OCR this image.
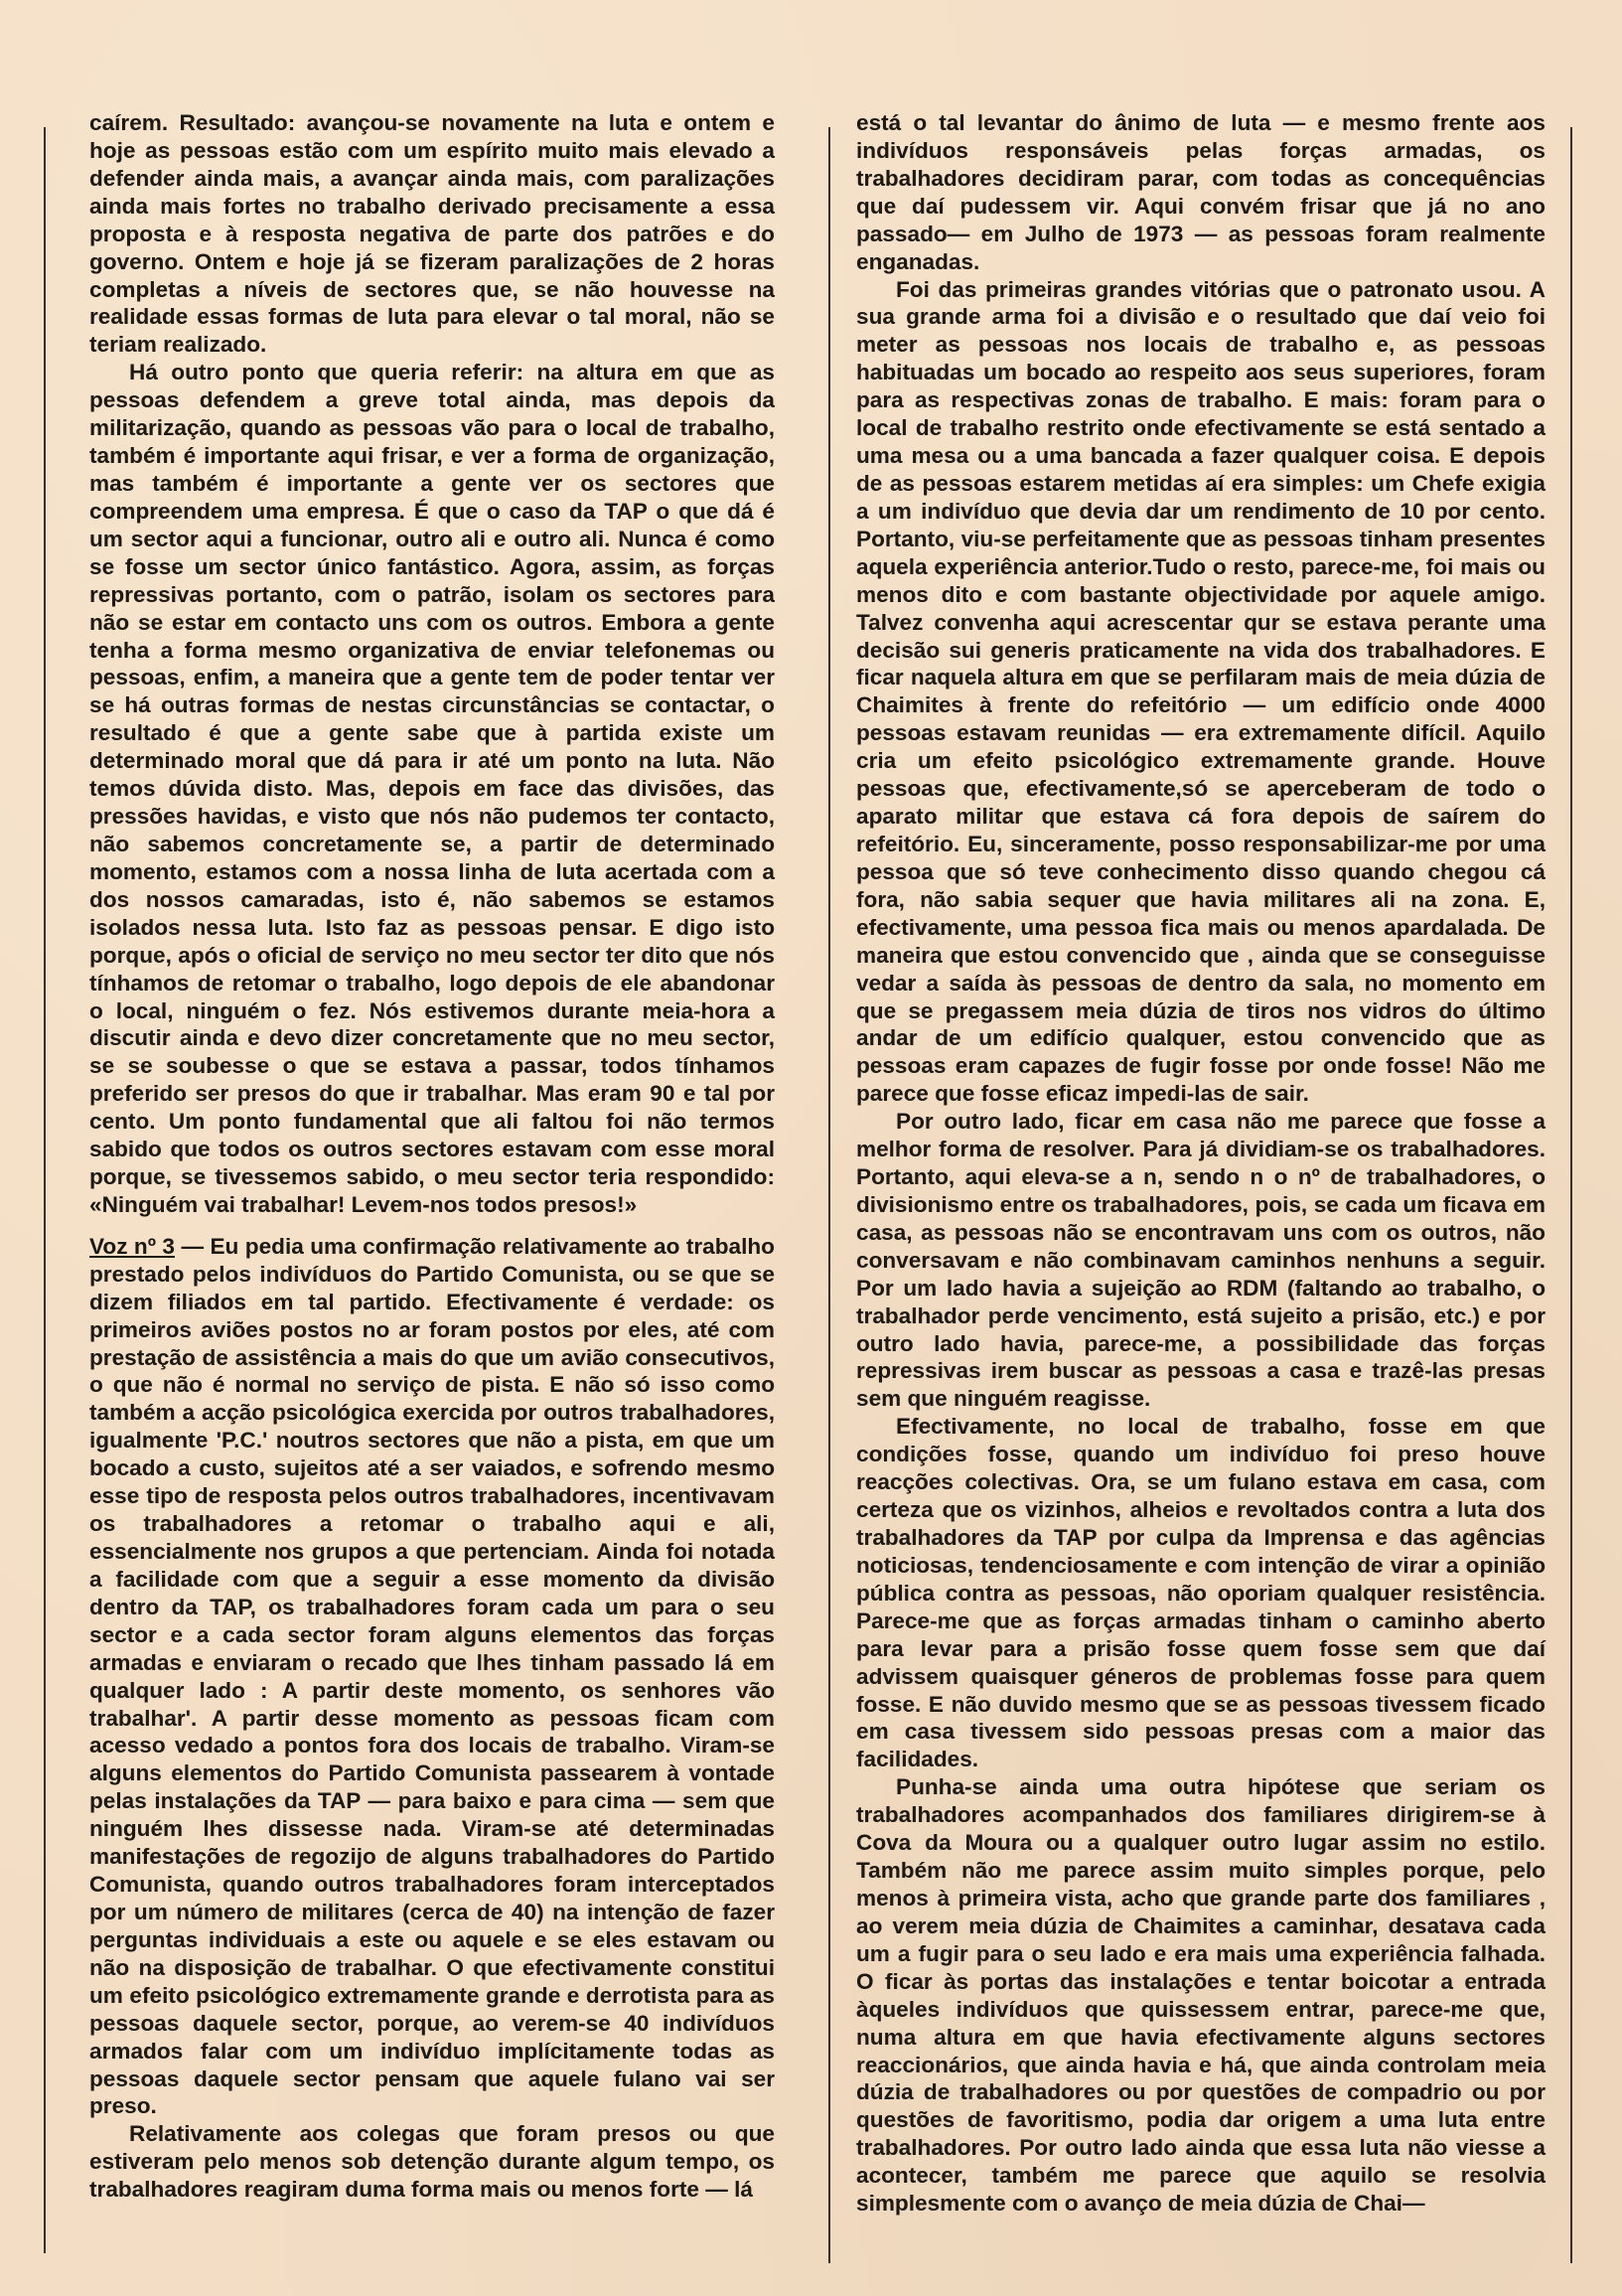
caírem. Resultado: avançou-se novamente na luta e ontem e hoje as pessoas estão com um espírito muito mais elevado a defender ainda mais, a avançar ainda mais, com paralizações ainda mais fortes no trabalho derivado precisamente a essa proposta e à resposta negativa de parte dos patrões e do governo. Ontem e hoje já se fizeram paralizações de 2 horas completas a níveis de sectores que, se não houvesse na realidade essas formas de luta para elevar o tal moral, não se teriam realizado.

Há outro ponto que queria referir: na altura em que as pessoas defendem a greve total ainda, mas depois da militarização, quando as pessoas vão para o local de trabalho, também é importante aqui frisar, e ver a forma de organização, mas também é importante a gente ver os sectores que compreendem uma empresa. É que o caso da TAP o que dá é um sector aqui a funcionar, outro ali e outro ali. Nunca é como se fosse um sector único fantástico. Agora, assim, as forças repressivas portanto, com o patrão, isolam os sectores para não se estar em contacto uns com os outros. Embora a gente tenha a forma mesmo organizativa de enviar telefonemas ou pessoas, enfim, a maneira que a gente tem de poder tentar ver se há outras formas de nestas circunstâncias se contactar, o resultado é que a gente sabe que à partida existe um determinado moral que dá para ir até um ponto na luta. Não temos dúvida disto. Mas, depois em face das divisões, das pressões havidas, e visto que nós não pudemos ter contacto, não sabemos concretamente se, a partir de determinado momento, estamos com a nossa linha de luta acertada com a dos nossos camaradas, isto é, não sabemos se estamos isolados nessa luta. Isto faz as pessoas pensar. E digo isto porque, após o oficial de serviço no meu sector ter dito que nós tínhamos de retomar o trabalho, logo depois de ele abandonar o local, ninguém o fez. Nós estivemos durante meia-hora a discutir ainda e devo dizer concretamente que no meu sector, se se soubesse o que se estava a passar, todos tínhamos preferido ser presos do que ir trabalhar. Mas eram 90 e tal por cento. Um ponto fundamental que ali faltou foi não termos sabido que todos os outros sectores estavam com esse moral porque, se tivessemos sabido, o meu sector teria respondido: «Ninguém vai trabalhar! Levem-nos todos presos!»

Voz nº 3 — Eu pedia uma confirmação relativamente ao trabalho prestado pelos indivíduos do Partido Comunista, ou se que se dizem filiados em tal partido. Efectivamente é verdade: os primeiros aviões postos no ar foram postos por eles, até com prestação de assistência a mais do que um avião consecutivos, o que não é normal no serviço de pista. E não só isso como também a acção psicológica exercida por outros trabalhadores, igualmente 'P.C.' noutros sectores que não a pista, em que um bocado a custo, sujeitos até a ser vaiados, e sofrendo mesmo esse tipo de resposta pelos outros trabalhadores, incentivavam os trabalhadores a retomar o trabalho aqui e ali, essencialmente nos grupos a que pertenciam. Ainda foi notada a facilidade com que a seguir a esse momento da divisão dentro da TAP, os trabalhadores foram cada um para o seu sector e a cada sector foram alguns elementos das forças armadas e enviaram o recado que lhes tinham passado lá em qualquer lado : A partir deste momento, os senhores vão trabalhar'. A partir desse momento as pessoas ficam com acesso vedado a pontos fora dos locais de trabalho. Viram-se alguns elementos do Partido Comunista passearem à vontade pelas instalações da TAP — para baixo e para cima — sem que ninguém lhes dissesse nada. Viram-se até determinadas manifestações de regozijo de alguns trabalhadores do Partido Comunista, quando outros trabalhadores foram interceptados por um número de militares (cerca de 40) na intenção de fazer perguntas individuais a este ou aquele e se eles estavam ou não na disposição de trabalhar. O que efectivamente constitui um efeito psicológico extremamente grande e derrotista para as pessoas daquele sector, porque, ao verem-se 40 indivíduos armados falar com um indivíduo implícitamente todas as pessoas daquele sector pensam que aquele fulano vai ser preso.

Relativamente aos colegas que foram presos ou que estiveram pelo menos sob detenção durante algum tempo, os trabalhadores reagiram duma forma mais ou menos forte — lá

está o tal levantar do ânimo de luta — e mesmo frente aos indivíduos responsáveis pelas forças armadas, os trabalhadores decidiram parar, com todas as concequências que daí pudessem vir. Aqui convém frisar que já no ano passado— em Julho de 1973 — as pessoas foram realmente enganadas.

Foi das primeiras grandes vitórias que o patronato usou. A sua grande arma foi a divisão e o resultado que daí veio foi meter as pessoas nos locais de trabalho e, as pessoas habituadas um bocado ao respeito aos seus superiores, foram para as respectivas zonas de trabalho. E mais: foram para o local de trabalho restrito onde efectivamente se está sentado a uma mesa ou a uma bancada a fazer qualquer coisa. E depois de as pessoas estarem metidas aí era simples: um Chefe exigia a um indivíduo que devia dar um rendimento de 10 por cento. Portanto, viu-se perfeitamente que as pessoas tinham presentes aquela experiência anterior.Tudo o resto, parece-me, foi mais ou menos dito e com bastante objectividade por aquele amigo. Talvez convenha aqui acrescentar qur se estava perante uma decisão sui generis praticamente na vida dos trabalhadores. E ficar naquela altura em que se perfilaram mais de meia dúzia de Chaimites à frente do refeitório — um edifício onde 4000 pessoas estavam reunidas — era extremamente difícil. Aquilo cria um efeito psicológico extremamente grande. Houve pessoas que, efectivamente,só se aperceberam de todo o aparato militar que estava cá fora depois de saírem do refeitório. Eu, sinceramente, posso responsabilizar-me por uma pessoa que só teve conhecimento disso quando chegou cá fora, não sabia sequer que havia militares ali na zona. E, efectivamente, uma pessoa fica mais ou menos apardalada. De maneira que estou convencido que , ainda que se conseguisse vedar a saída às pessoas de dentro da sala, no momento em que se pregassem meia dúzia de tiros nos vidros do último andar de um edifício qualquer, estou convencido que as pessoas eram capazes de fugir fosse por onde fosse! Não me parece que fosse eficaz impedi-las de sair.

Por outro lado, ficar em casa não me parece que fosse a melhor forma de resolver. Para já dividiam-se os trabalhadores. Portanto, aqui eleva-se a n, sendo n o nº de trabalhadores, o divisionismo entre os trabalhadores, pois, se cada um ficava em casa, as pessoas não se encontravam uns com os outros, não conversavam e não combinavam caminhos nenhuns a seguir. Por um lado havia a sujeição ao RDM (faltando ao trabalho, o trabalhador perde vencimento, está sujeito a prisão, etc.) e por outro lado havia, parece-me, a possibilidade das forças repressivas irem buscar as pessoas a casa e trazê-las presas sem que ninguém reagisse.

Efectivamente, no local de trabalho, fosse em que condições fosse, quando um indivíduo foi preso houve reacções colectivas. Ora, se um fulano estava em casa, com certeza que os vizinhos, alheios e revoltados contra a luta dos trabalhadores da TAP por culpa da Imprensa e das agências noticiosas, tendenciosamente e com intenção de virar a opinião pública contra as pessoas, não oporiam qualquer resistência. Parece-me que as forças armadas tinham o caminho aberto para levar para a prisão fosse quem fosse sem que daí advissem quaisquer géneros de problemas fosse para quem fosse. E não duvido mesmo que se as pessoas tivessem ficado em casa tivessem sido pessoas presas com a maior das facilidades.

Punha-se ainda uma outra hipótese que seriam os trabalhadores acompanhados dos familiares dirigirem-se à Cova da Moura ou a qualquer outro lugar assim no estilo. Também não me parece assim muito simples porque, pelo menos à primeira vista, acho que grande parte dos familiares , ao verem meia dúzia de Chaimites a caminhar, desatava cada um a fugir para o seu lado e era mais uma experiência falhada. O ficar às portas das instalações e tentar boicotar a entrada àqueles indivíduos que quissessem entrar, parece-me que, numa altura em que havia efectivamente alguns sectores reaccionários, que ainda havia e há, que ainda controlam meia dúzia de trabalhadores ou por questões de compadrio ou por questões de favoritismo, podia dar origem a uma luta entre trabalhadores. Por outro lado ainda que essa luta não viesse a acontecer, também me parece que aquilo se resolvia simplesmente com o avanço de meia dúzia de Chai—
